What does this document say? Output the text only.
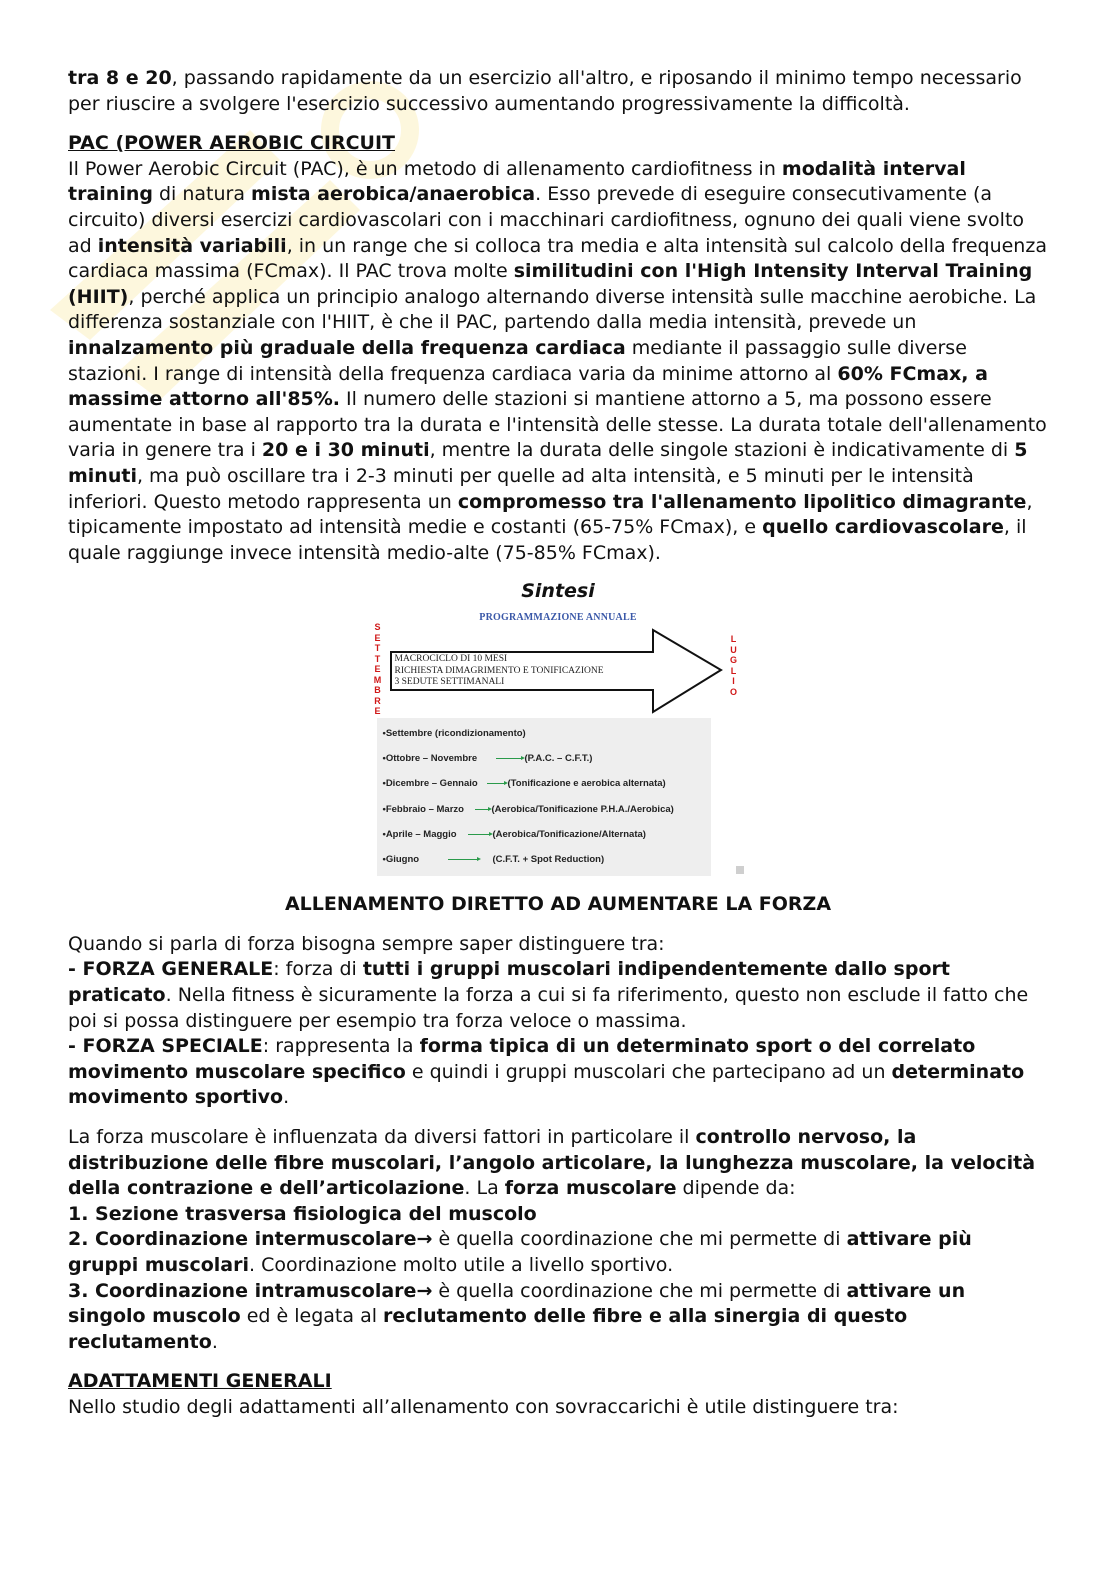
tra 8 e 20, passando rapidamente da un esercizio all'altro, e riposando il minimo tempo necessario per riuscire a svolgere l'esercizio successivo aumentando progressivamente la difficoltà.

PAC (POWER AEROBIC CIRCUIT
Il Power Aerobic Circuit (PAC), è un metodo di allenamento cardiofitness in modalità interval training di natura mista aerobica/anaerobica. Esso prevede di eseguire consecutivamente (a circuito) diversi esercizi cardiovascolari con i macchinari cardiofitness, ognuno dei quali viene svolto ad intensità variabili, in un range che si colloca tra media e alta intensità sul calcolo della frequenza cardiaca massima (FCmax). Il PAC trova molte similitudini con l'High Intensity Interval Training (HIIT), perché applica un principio analogo alternando diverse intensità sulle macchine aerobiche. La differenza sostanziale con l'HIIT, è che il PAC, partendo dalla media intensità, prevede un innalzamento più graduale della frequenza cardiaca mediante il passaggio sulle diverse stazioni. I range di intensità della frequenza cardiaca varia da minime attorno al 60% FCmax, a massime attorno all'85%. Il numero delle stazioni si mantiene attorno a 5, ma possono essere aumentate in base al rapporto tra la durata e l'intensità delle stesse. La durata totale dell'allenamento varia in genere tra i 20 e i 30 minuti, mentre la durata delle singole stazioni è indicativamente di 5 minuti, ma può oscillare tra i 2-3 minuti per quelle ad alta intensità, e 5 minuti per le intensità inferiori. Questo metodo rappresenta un compromesso tra l'allenamento lipolitico dimagrante, tipicamente impostato ad intensità medie e costanti (65-75% FCmax), e quello cardiovascolare, il quale raggiunge invece intensità medio-alte (75-85% FCmax).

Sintesi
PROGRAMMAZIONE ANNUALE
S
E
T
T
E
M
B
R
E
L
U
G
L
I
O
MACROCICLO DI 10 MESI
RICHIESTA DIMAGRIMENTO E TONIFICAZIONE
3 SEDUTE SETTIMANALI
•Settembre (ricondizionamento)
•Ottobre – Novembre	(P.A.C. – C.F.T.)
•Dicembre – Gennaio	(Tonificazione e aerobica alternata)
•Febbraio – Marzo	(Aerobica/Tonificazione P.H.A./Aerobica)
•Aprile – Maggio	(Aerobica/Tonificazione/Alternata)
•Giugno	(C.F.T. + Spot Reduction)

ALLENAMENTO DIRETTO AD AUMENTARE LA FORZA

Quando si parla di forza bisogna sempre saper distinguere tra:
- FORZA GENERALE: forza di tutti i gruppi muscolari indipendentemente dallo sport praticato. Nella fitness è sicuramente la forza a cui si fa riferimento, questo non esclude il fatto che poi si possa distinguere per esempio tra forza veloce o massima.
- FORZA SPECIALE: rappresenta la forma tipica di un determinato sport o del correlato movimento muscolare specifico e quindi i gruppi muscolari che partecipano ad un determinato movimento sportivo.

La forza muscolare è influenzata da diversi fattori in particolare il controllo nervoso, la distribuzione delle fibre muscolari, l’angolo articolare, la lunghezza muscolare, la velocità della contrazione e dell’articolazione. La forza muscolare dipende da:
1. Sezione trasversa fisiologica del muscolo
2. Coordinazione intermuscolare→ è quella coordinazione che mi permette di attivare più gruppi muscolari. Coordinazione molto utile a livello sportivo.
3. Coordinazione intramuscolare→ è quella coordinazione che mi permette di attivare un singolo muscolo ed è legata al reclutamento delle fibre e alla sinergia di questo reclutamento.

ADATTAMENTI GENERALI
Nello studio degli adattamenti all’allenamento con sovraccarichi è utile distinguere tra:
